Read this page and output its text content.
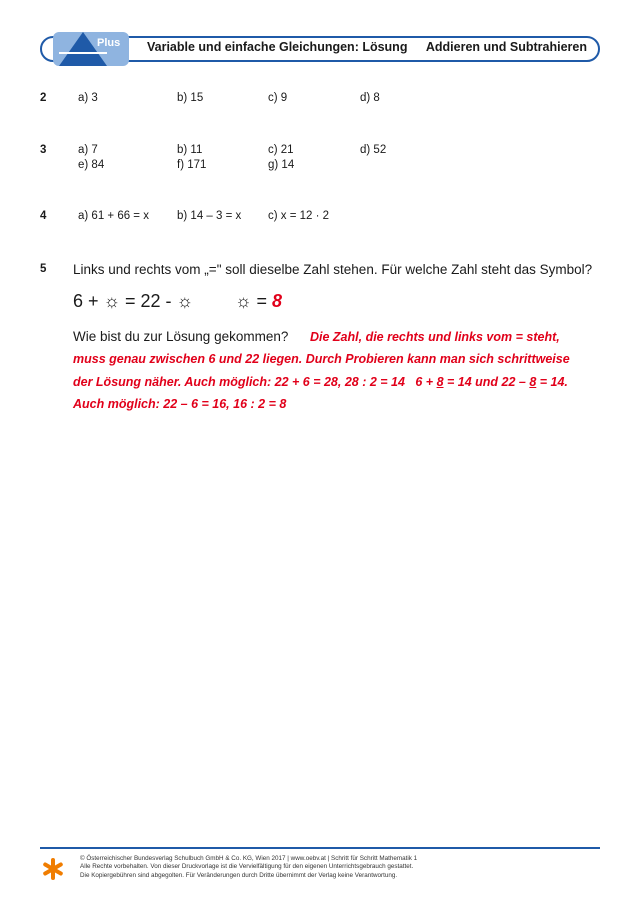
Plus Variable und einfache Gleichungen: Lösung Addieren und Subtrahieren
2	a) 3	b) 15	c) 9	d) 8
3	a) 7	b) 11	c) 21	d) 52
e) 84	f) 171	g) 14
4	a) 61 + 66 = x b) 14 – 3 = x c) x = 12 · 2
5 Links und rechts vom „=" soll dieselbe Zahl stehen. Für welche Zahl steht das Symbol?
6 + ☼ = 22 - ☼ ☼ = 8
Wie bist du zur Lösung gekommen? Die Zahl, die rechts und links vom = steht,
muss genau zwischen 6 und 22 liegen. Durch Probieren kann man sich schrittweise
der Lösung näher. Auch möglich: 22 + 6 = 28, 28 : 2 = 14   6 + 8 = 14 und 22 – 8 = 14.
Auch möglich: 22 – 6 = 16, 16 : 2 = 8
© Österreichischer Bundesverlag Schulbuch GmbH & Co. KG, Wien 2017 | www.oebv.at | Schritt für Schritt Mathematik 1
Alle Rechte vorbehalten. Von dieser Druckvorlage ist die Vervielfältigung für den eigenen Unterrichtsgebrauch gestattet.
Die Kopiergebühren sind abgegolten. Für Veränderungen durch Dritte übernimmt der Verlag keine Verantwortung.
